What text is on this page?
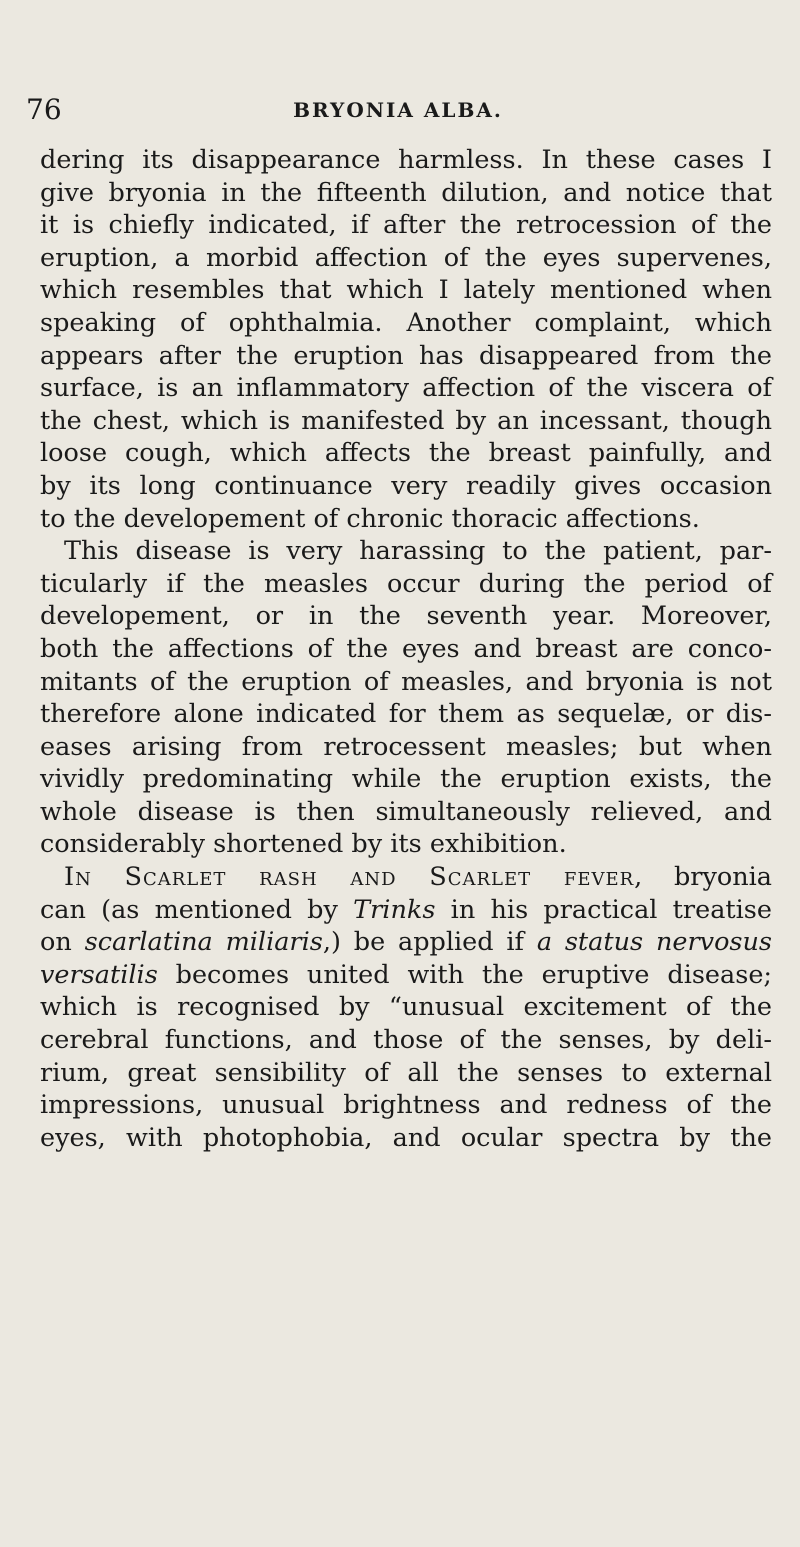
76	BRYONIA ALBA.
dering its disappearance harmless. In these cases I
give bryonia in the fifteenth dilution, and notice that
it is chiefly indicated, if after the retrocession of the
eruption, a morbid affection of the eyes supervenes,
which resembles that which I lately mentioned when
speaking of ophthalmia. Another complaint, which
appears after the eruption has disappeared from the
surface, is an inflammatory affection of the viscera of
the chest, which is manifested by an incessant, though
loose cough, which affects the breast painfully, and
by its long continuance very readily gives occasion
to the developement of chronic thoracic affections.
This disease is very harassing to the patient, par-
ticularly if the measles occur during the period of
developement, or in the seventh year. Moreover,
both the affections of the eyes and breast are conco-
mitants of the eruption of measles, and bryonia is not
therefore alone indicated for them as sequelæ, or dis-
eases arising from retrocessent measles; but when
vividly predominating while the eruption exists, the
whole disease is then simultaneously relieved, and
considerably shortened by its exhibition.
In Scarlet rash and Scarlet fever, bryonia
can (as mentioned by Trinks in his practical treatise
on scarlatina miliaris,) be applied if a status nervosus
versatilis becomes united with the eruptive disease;
which is recognised by “unusual excitement of the
cerebral functions, and those of the senses, by deli-
rium, great sensibility of all the senses to external
impressions, unusual brightness and redness of the
eyes, with photophobia, and ocular spectra by the
